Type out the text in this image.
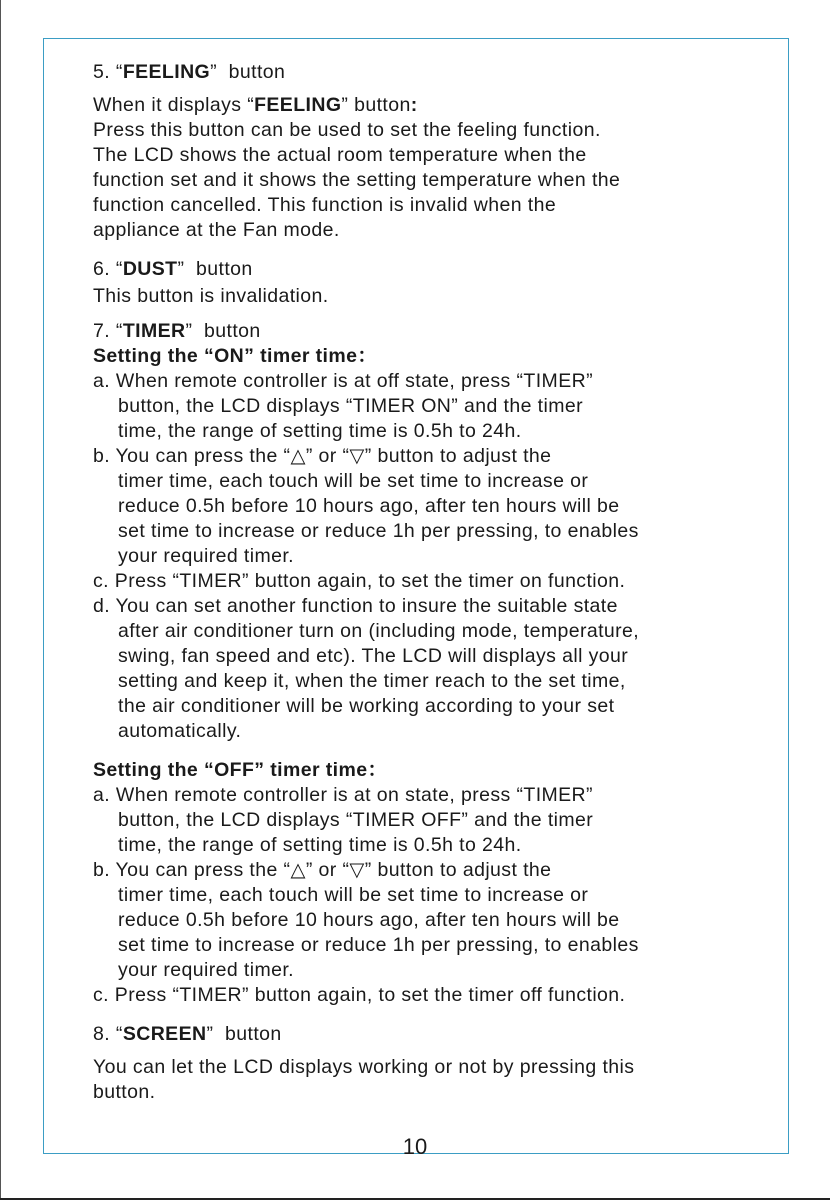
5. “FEELING” button
When it displays “FEELING” button:
Press this button can be used to set the feeling function.
The LCD shows the actual room temperature when the
function set and it shows the setting temperature when the
function cancelled. This function is invalid when the
appliance at the Fan mode.
6. “DUST” button
This button is invalidation.
7. “TIMER” button
Setting the “ON” timer time：
a. When remote controller is at off state, press “TIMER”
button, the LCD displays “TIMER ON” and the timer
time, the range of setting time is 0.5h to 24h.
b. You can press the “△” or “▽” button to adjust the
timer time, each touch will be set time to increase or
reduce 0.5h before 10 hours ago, after ten hours will be
set time to increase or reduce 1h per pressing, to enables
your required timer.
c. Press “TIMER” button again, to set the timer on function.
d. You can set another function to insure the suitable state
after air conditioner turn on (including mode, temperature,
swing, fan speed and etc). The LCD will displays all your
setting and keep it, when the timer reach to the set time,
the air conditioner will be working according to your set
automatically.
Setting the “OFF” timer time：
a. When remote controller is at on state, press “TIMER”
button, the LCD displays “TIMER OFF” and the timer
time, the range of setting time is 0.5h to 24h.
b. You can press the “△” or “▽” button to adjust the
timer time, each touch will be set time to increase or
reduce 0.5h before 10 hours ago, after ten hours will be
set time to increase or reduce 1h per pressing, to enables
your required timer.
c. Press “TIMER” button again, to set the timer off function.
8. “SCREEN” button
You can let the LCD displays working or not by pressing this
button.
10
